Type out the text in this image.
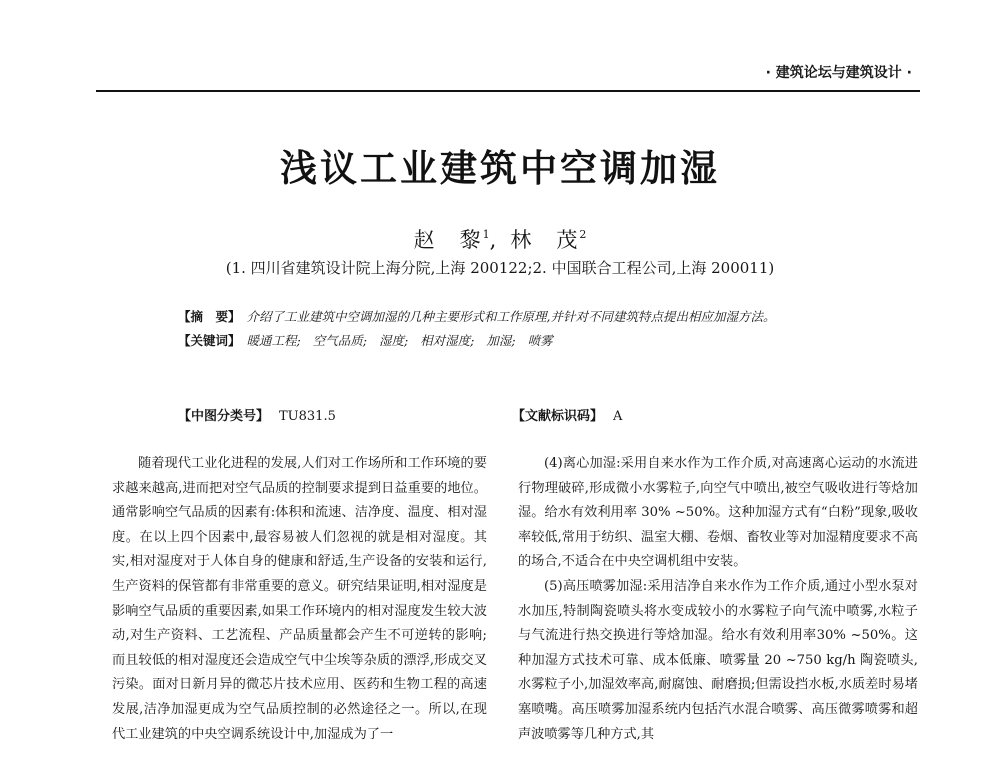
· 建筑论坛与建筑设计 ·
浅议工业建筑中空调加湿
赵　黎$^1$, 林　茂$^2$
(1. 四川省建筑设计院上海分院,上海 200122;2. 中国联合工程公司,上海 200011)
【摘　要】 介绍了工业建筑中空调加湿的几种主要形式和工作原理,并针对不同建筑特点提出相应加湿方法。
【关键词】 暖通工程; 空气品质; 湿度; 相对湿度; 加湿; 喷雾
【中图分类号】 TU831.5	【文献标识码】 A

随着现代工业化进程的发展,人们对工作场所和工作环境的要求越来越高,进而把对空气品质的控制要求提到日益重要的地位。通常影响空气品质的因素有:体积和流速、洁净度、温度、相对湿度。在以上四个因素中,最容易被人们忽视的就是相对湿度。其实,相对湿度对于人体自身的健康和舒适,生产设备的安装和运行,生产资料的保管都有非常重要的意义。研究结果证明,相对湿度是影响空气品质的重要因素,如果工作环境内的相对湿度发生较大波动,对生产资料、工艺流程、产品质量都会产生不可逆转的影响;而且较低的相对湿度还会造成空气中尘埃等杂质的漂浮,形成交叉污染。面对日新月异的微芯片技术应用、医药和生物工程的高速发展,洁净加湿更成为空气品质控制的必然途径之一。所以,在现代工业建筑的中央空调系统设计中,加湿成为了一

(4)离心加湿:采用自来水作为工作介质,对高速离心运动的水流进行物理破碎,形成微小水雾粒子,向空气中喷出,被空气吸收进行等焓加湿。给水有效利用率 30% ~50%。这种加湿方式有“白粉”现象,吸收率较低,常用于纺织、温室大棚、卷烟、畜牧业等对加湿精度要求不高的场合,不适合在中央空调机组中安装。

(5)高压喷雾加湿:采用洁净自来水作为工作介质,通过小型水泵对水加压,特制陶瓷喷头将水变成较小的水雾粒子向气流中喷雾,水粒子与气流进行热交换进行等焓加湿。给水有效利用率30% ~50%。这种加湿方式技术可靠、成本低廉、喷雾量 20 ~750 kg/h 陶瓷喷头,水雾粒子小,加湿效率高,耐腐蚀、耐磨损;但需设挡水板,水质差时易堵塞喷嘴。高压喷雾加湿系统内包括汽水混合喷雾、高压微雾喷雾和超声波喷雾等几种方式,其
